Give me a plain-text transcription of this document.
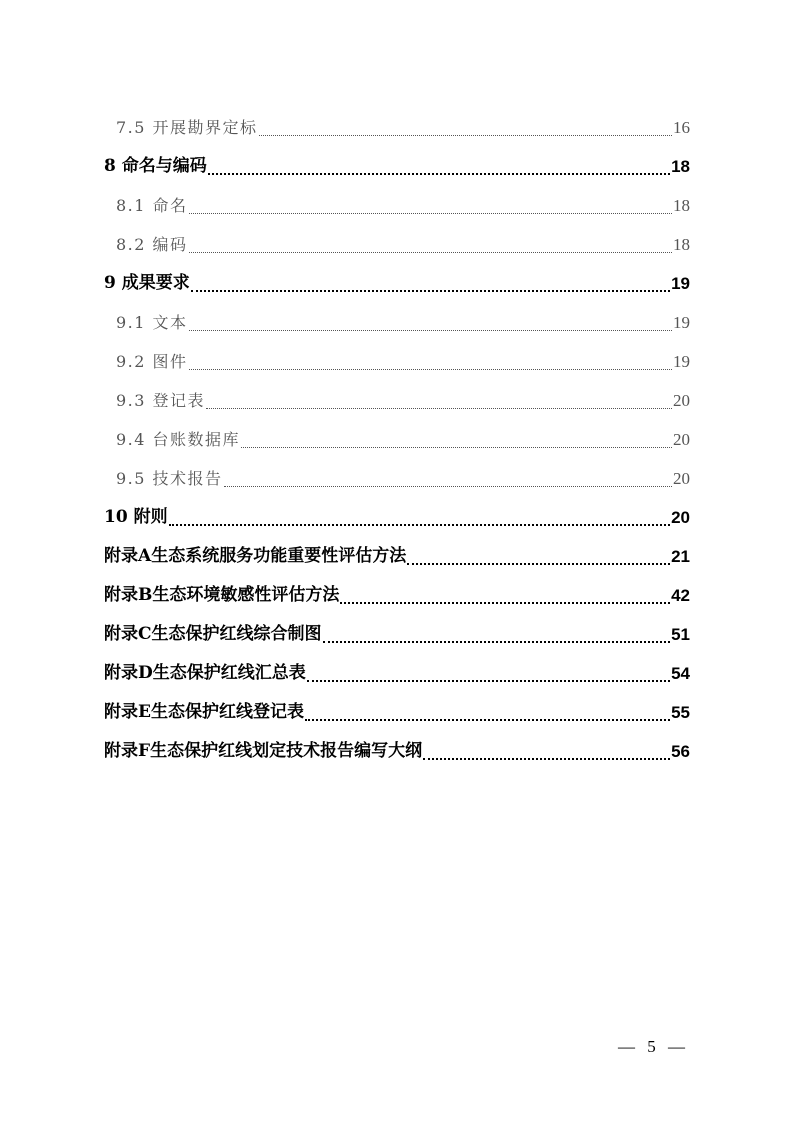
7.5 开展勘界定标	16
8 命名与编码	18
8.1 命名	18
8.2 编码	18
9 成果要求	19
9.1 文本	19
9.2 图件	19
9.3 登记表	20
9.4 台账数据库	20
9.5 技术报告	20
10 附则	20
附录A生态系统服务功能重要性评估方法	21
附录B生态环境敏感性评估方法	42
附录C生态保护红线综合制图	51
附录D生态保护红线汇总表	54
附录E生态保护红线登记表	55
附录F生态保护红线划定技术报告编写大纲	56
— 5 —
